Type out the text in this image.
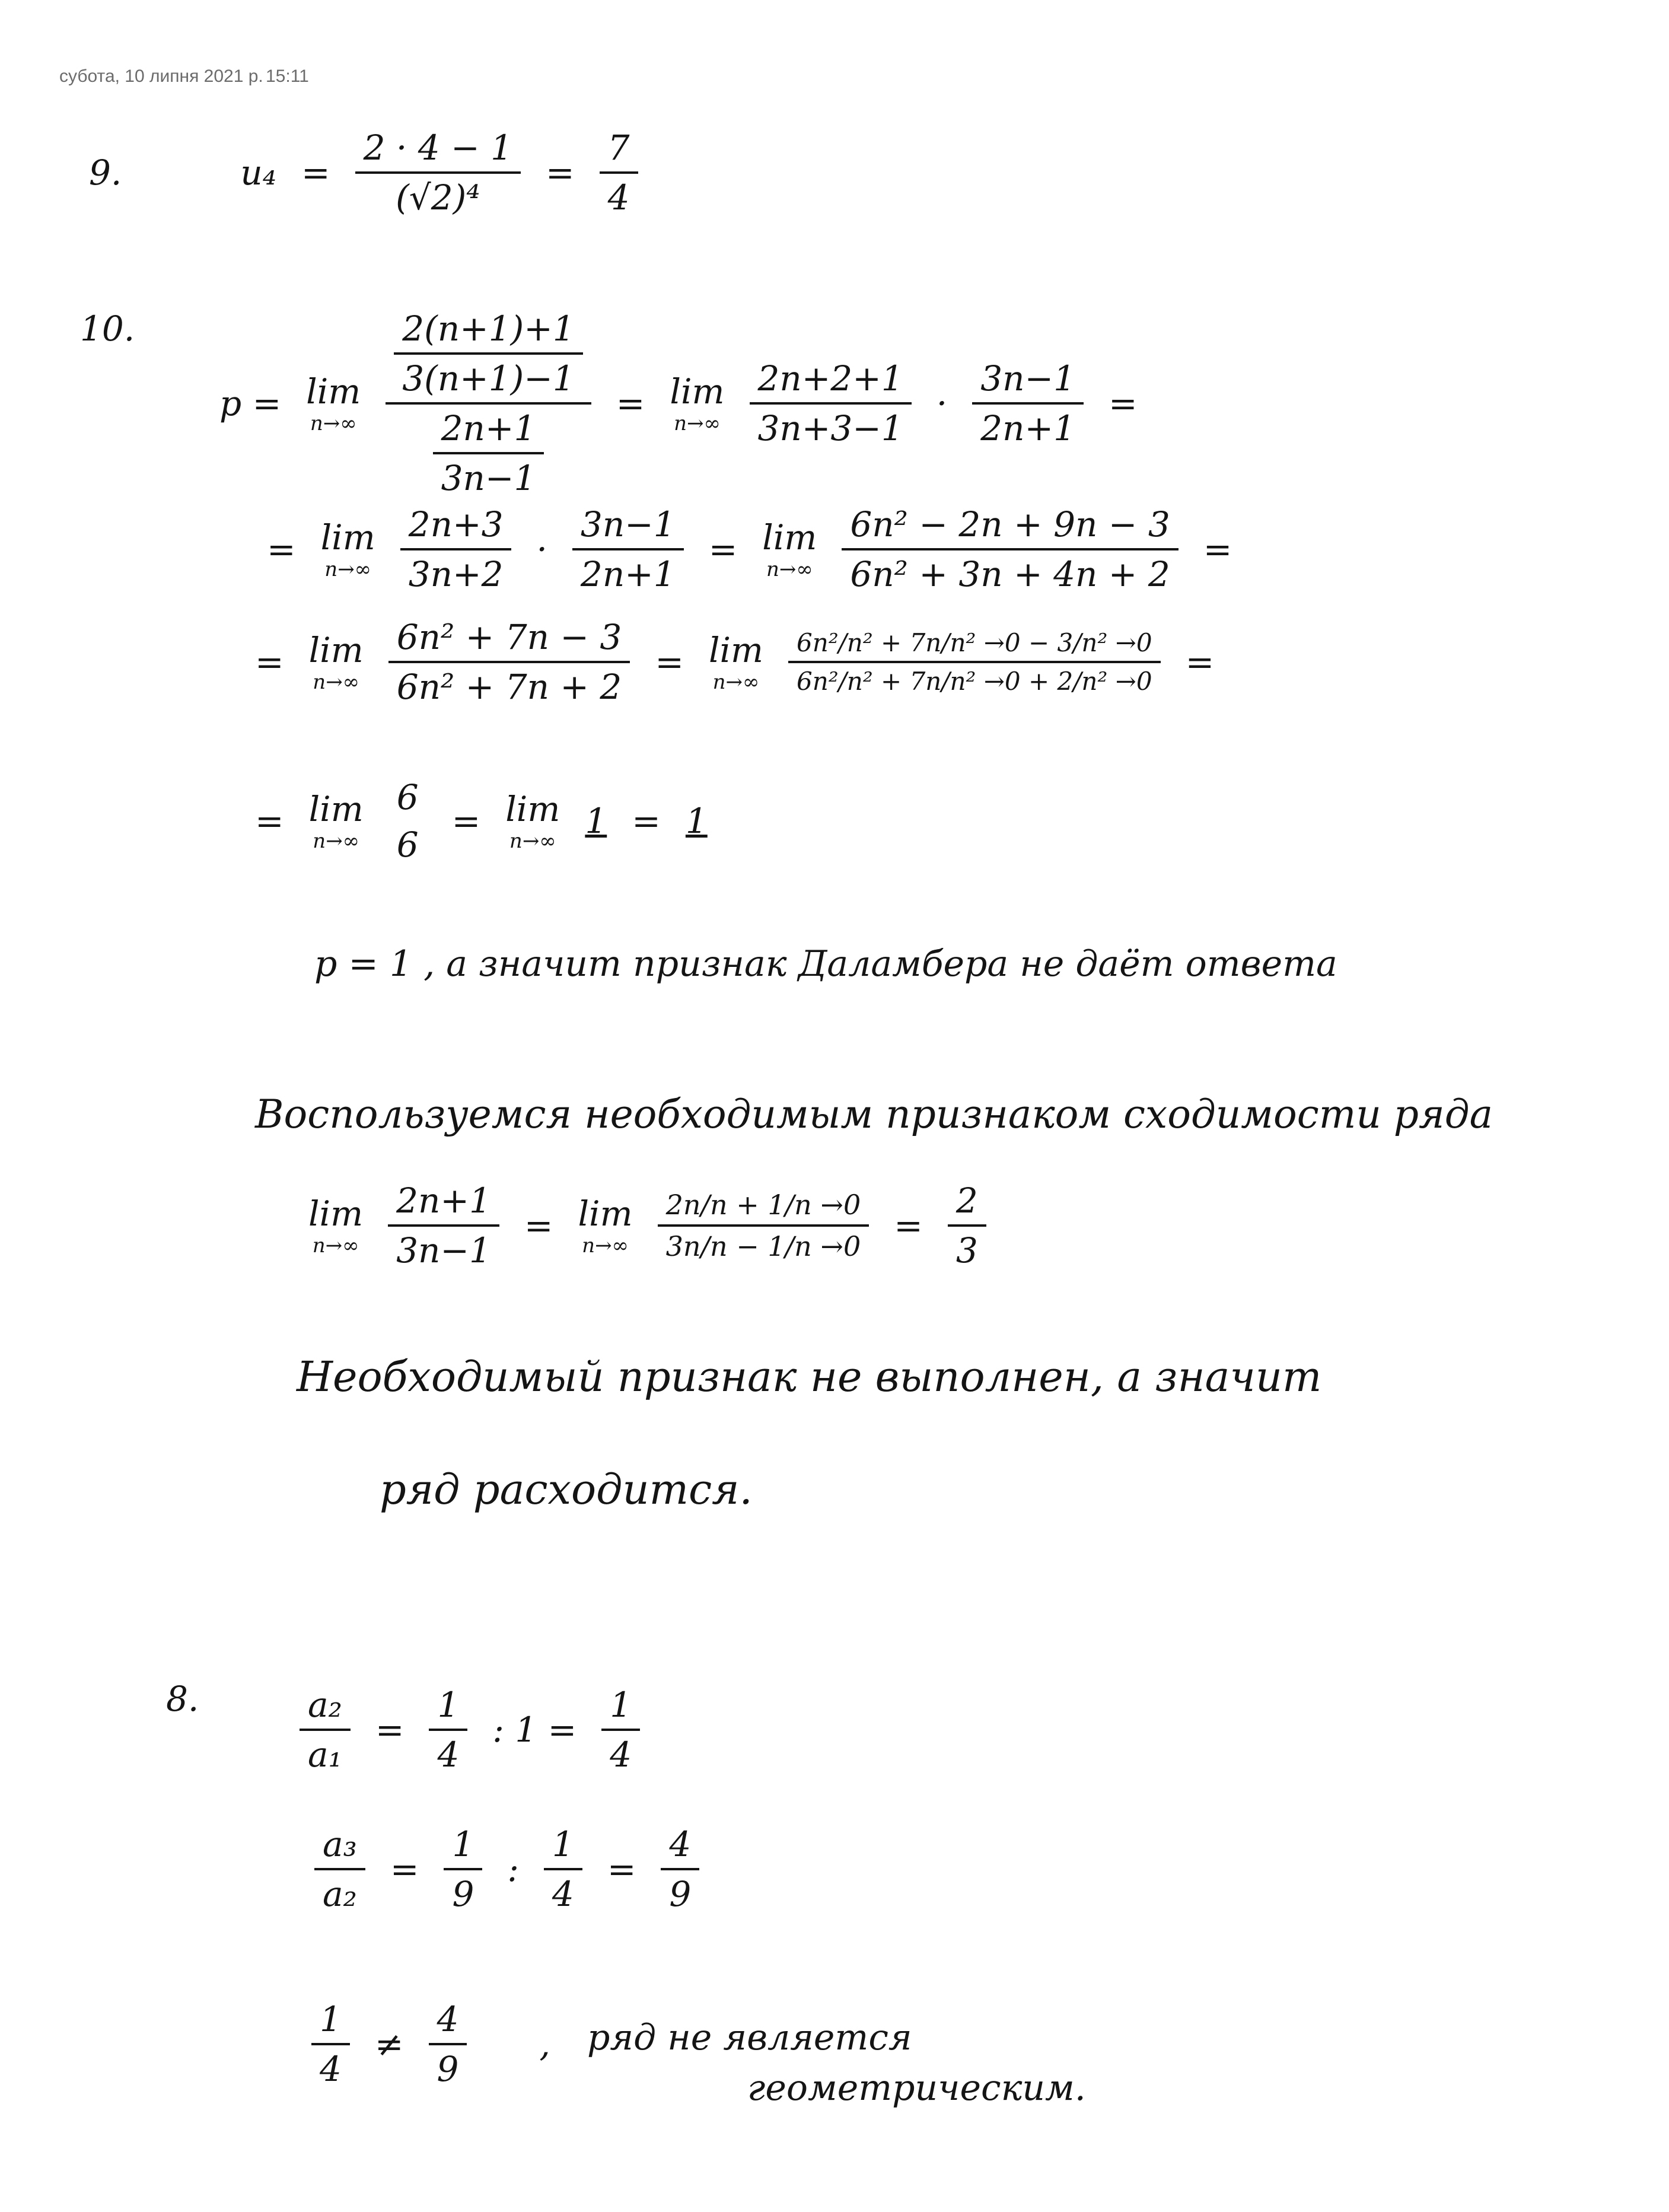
субота, 10 липня 2021 р. 15:11
9.	$u_4 = \frac{2 \cdot 4 - 1}{\text{(√2)⁴}} = \frac{7}{4}$
10.
p = lim
$n\to\infty \frac{\frac{2(n+1)+1}{3(n+1)-1}}{\frac{2n+1}{3n-1}} = \lim$
$n\to\infty \frac{2n+2+1}{3n+3-1} \cdot \frac{3n-1}{2n+1}$ =
= lim
$n\to\infty \frac{2n+3}{3n+2} \cdot \frac{3n-1}{2n+1} = \lim$
$n\to\infty \frac{\text{6n² − 2n + 9n − 3}}{\text{6n² + 3n + 4n + 2}}$ =
= lim
$n\to\infty \frac{\text{6n² + 7n − 3}}{\text{6n² + 7n + 2}} = \lim$
$n\to\infty \frac{\text{6n²/n² + 7n/n² →0 − 3/n² →0}}{\text{6n²/n² + 7n/n² →0 + 2/n² →0}}$ =
= lim
n→∞
6
6
= lim
n→∞ 1 = 1
p = 1 , а значит признак Даламбера не даёт ответа
Воспользуемся необходимым признаком сходимости ряда
lim
$n\to\infty \frac{2n+1}{3n-1} = \lim$
$n\to\infty \frac{2n/n + 1/n \to 0}{3n/n - 1/n \to 0} = \frac{2}{3}$
Необходимый признак не выполнен, а значит
ряд расходится.
8.	$\frac{\text{a₂}}{\text{a₁}} = \frac{1}{4}$ : $1 = \frac{1}{4}$
$\frac{\text{a₃}}{\text{a₂}} = \frac{1}{9}$ : $\frac{1}{4} = \frac{4}{9}$
$\frac{1}{4} \ne \frac{4}{9}$ , ряд не является
геометрическим.
